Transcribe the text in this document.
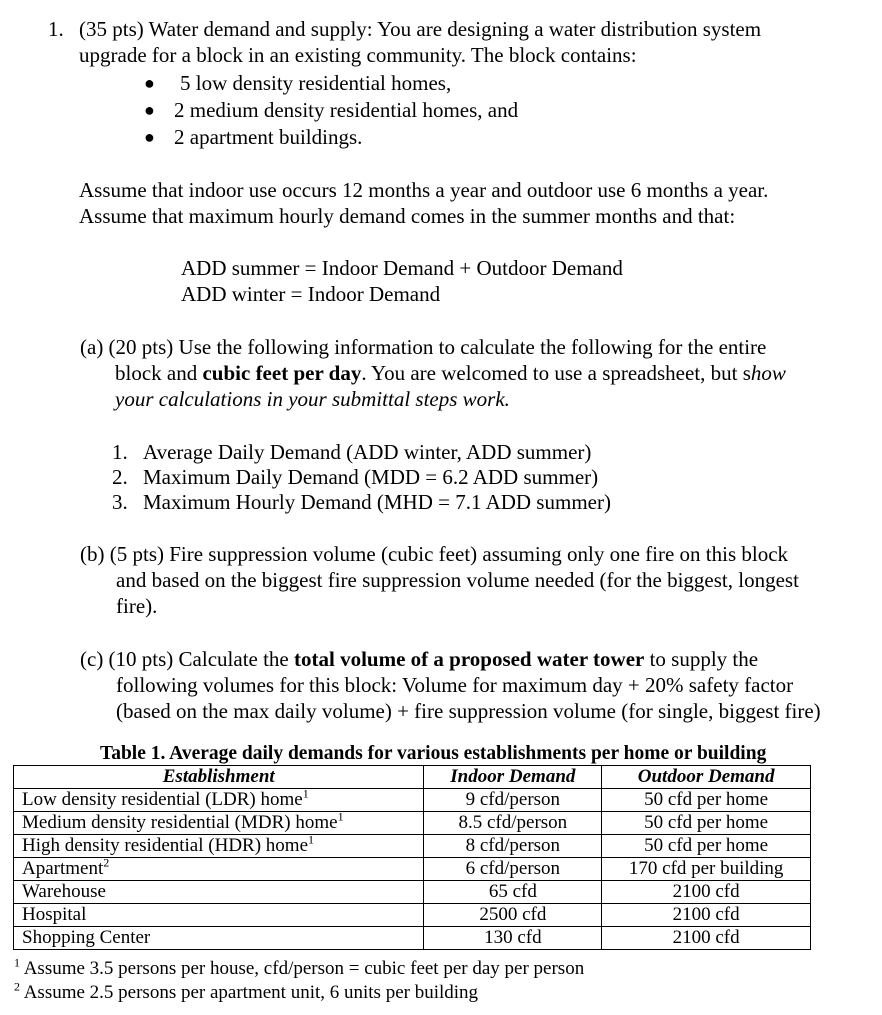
1. (35 pts) Water demand and supply: You are designing a water distribution system
upgrade for a block in an existing community. The block contains:
● 5 low density residential homes,
● 2 medium density residential homes, and
● 2 apartment buildings.
Assume that indoor use occurs 12 months a year and outdoor use 6 months a year.
Assume that maximum hourly demand comes in the summer months and that:
ADD summer = Indoor Demand + Outdoor Demand
ADD winter = Indoor Demand
(a) (20 pts) Use the following information to calculate the following for the entire
block and cubic feet per day. You are welcomed to use a spreadsheet, but show
your calculations in your submittal steps work.
1. Average Daily Demand (ADD winter, ADD summer)
2. Maximum Daily Demand (MDD = 6.2 ADD summer)
3. Maximum Hourly Demand (MHD = 7.1 ADD summer)
(b) (5 pts) Fire suppression volume (cubic feet) assuming only one fire on this block
and based on the biggest fire suppression volume needed (for the biggest, longest
fire).
(c) (10 pts) Calculate the total volume of a proposed water tower to supply the
following volumes for this block: Volume for maximum day + 20% safety factor
(based on the max daily volume) + fire suppression volume (for single, biggest fire)
Table 1. Average daily demands for various establishments per home or building
Establishment	Indoor Demand	Outdoor Demand
Low density residential (LDR) home$^1$	9 cfd/person	50 cfd per home
Medium density residential (MDR) home$^1$	8.5 cfd/person	50 cfd per home
High density residential (HDR) home$^1$	8 cfd/person	50 cfd per home
Apartment$^2$	6 cfd/person	170 cfd per building
Warehouse	65 cfd	2100 cfd
Hospital	2500 cfd	2100 cfd
Shopping Center	130 cfd	2100 cfd
$^1$ Assume 3.5 persons per house, cfd/person = cubic feet per day per person
$^2$ Assume 2.5 persons per apartment unit, 6 units per building
